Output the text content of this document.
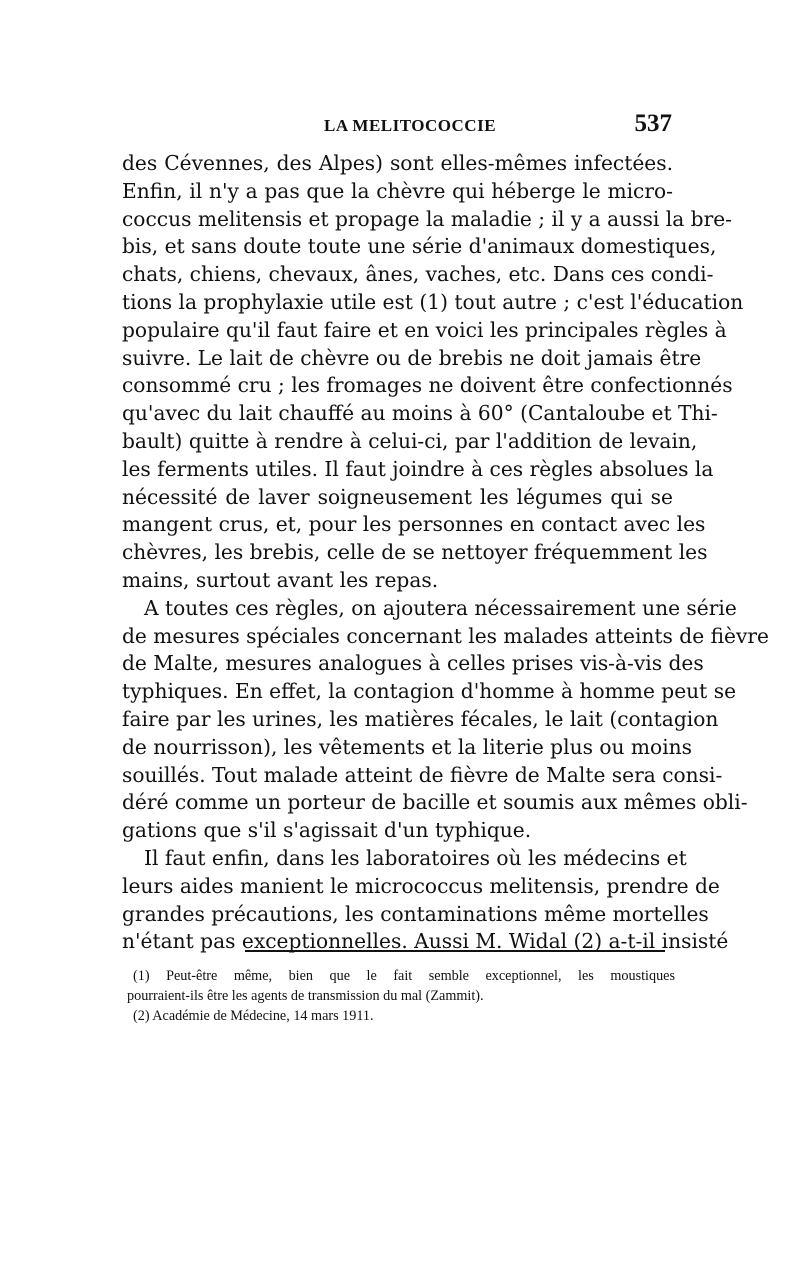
LA MELITOCOCCIE	537
des Cévennes, des Alpes) sont elles-mêmes infectées.
Enfin, il n'y a pas que la chèvre qui héberge le micro-
coccus melitensis et propage la maladie ; il y a aussi la bre-
bis, et sans doute toute une série d'animaux domestiques,
chats, chiens, chevaux, ânes, vaches, etc. Dans ces condi-
tions la prophylaxie utile est (1) tout autre ; c'est l'éducation
populaire qu'il faut faire et en voici les principales règles à
suivre. Le lait de chèvre ou de brebis ne doit jamais être
consommé cru ; les fromages ne doivent être confectionnés
qu'avec du lait chauffé au moins à 60° (Cantaloube et Thi-
bault) quitte à rendre à celui-ci, par l'addition de levain,
les ferments utiles. Il faut joindre à ces règles absolues la
nécessité de laver soigneusement les légumes qui se
mangent crus, et, pour les personnes en contact avec les
chèvres, les brebis, celle de se nettoyer fréquemment les
mains, surtout avant les repas.
A toutes ces règles, on ajoutera nécessairement une série
de mesures spéciales concernant les malades atteints de fièvre
de Malte, mesures analogues à celles prises vis-à-vis des
typhiques. En effet, la contagion d'homme à homme peut se
faire par les urines, les matières fécales, le lait (contagion
de nourrisson), les vêtements et la literie plus ou moins
souillés. Tout malade atteint de fièvre de Malte sera consi-
déré comme un porteur de bacille et soumis aux mêmes obli-
gations que s'il s'agissait d'un typhique.
Il faut enfin, dans les laboratoires où les médecins et
leurs aides manient le micrococcus melitensis, prendre de
grandes précautions, les contaminations même mortelles
n'étant pas exceptionnelles. Aussi M. Widal (2) a-t-il insisté
(1) Peut-être même, bien que le fait semble exceptionnel, les moustiques
pourraient-ils être les agents de transmission du mal (Zammit).
(2) Académie de Médecine, 14 mars 1911.
